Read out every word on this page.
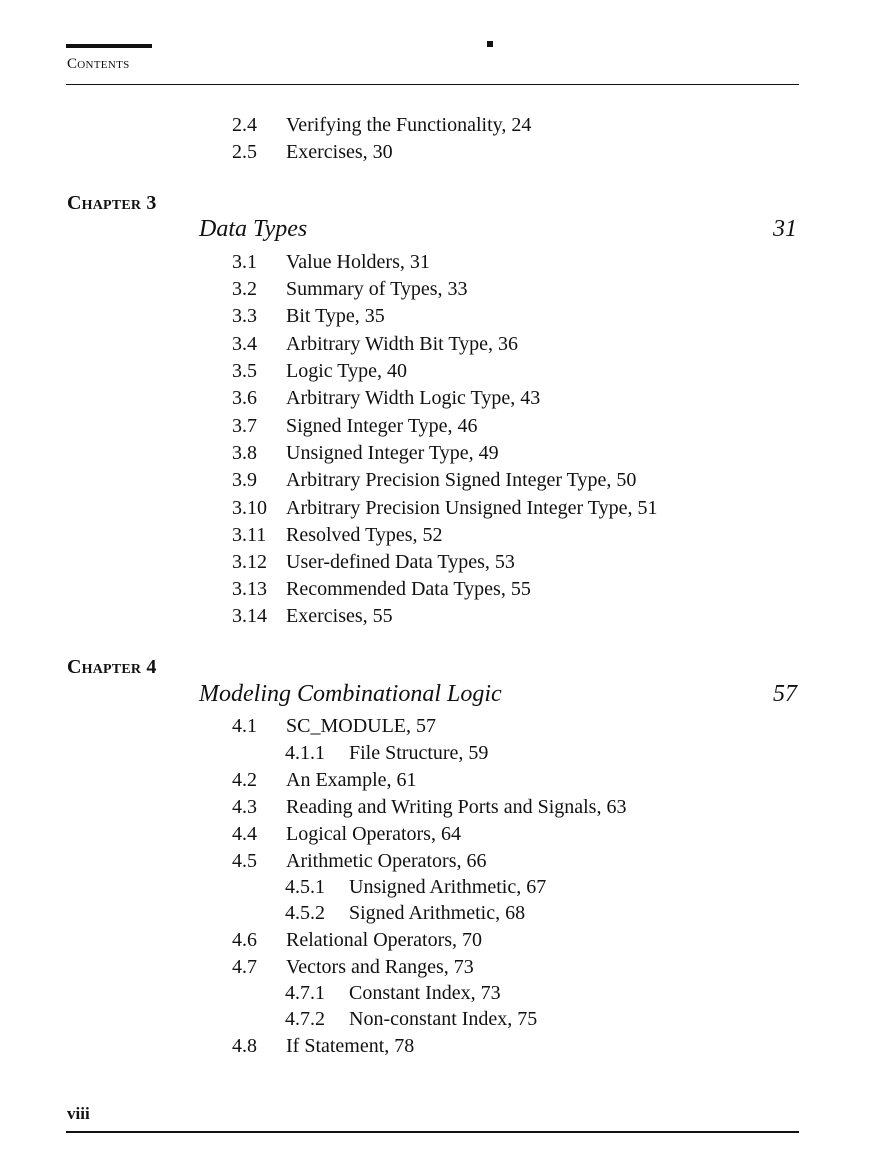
Contents
2.4 Verifying the Functionality, 24
2.5 Exercises, 30
Chapter 3
Data Types	31
3.1 Value Holders, 31
3.2 Summary of Types, 33
3.3 Bit Type, 35
3.4 Arbitrary Width Bit Type, 36
3.5 Logic Type, 40
3.6 Arbitrary Width Logic Type, 43
3.7 Signed Integer Type, 46
3.8 Unsigned Integer Type, 49
3.9 Arbitrary Precision Signed Integer Type, 50
3.10 Arbitrary Precision Unsigned Integer Type, 51
3.11 Resolved Types, 52
3.12 User-defined Data Types, 53
3.13 Recommended Data Types, 55
3.14 Exercises, 55
Chapter 4
Modeling Combinational Logic	57
4.1 SC_MODULE, 57
4.1.1 File Structure, 59
4.2 An Example, 61
4.3 Reading and Writing Ports and Signals, 63
4.4 Logical Operators, 64
4.5 Arithmetic Operators, 66
4.5.1 Unsigned Arithmetic, 67
4.5.2 Signed Arithmetic, 68
4.6 Relational Operators, 70
4.7 Vectors and Ranges, 73
4.7.1 Constant Index, 73
4.7.2 Non-constant Index, 75
4.8 If Statement, 78
viii
